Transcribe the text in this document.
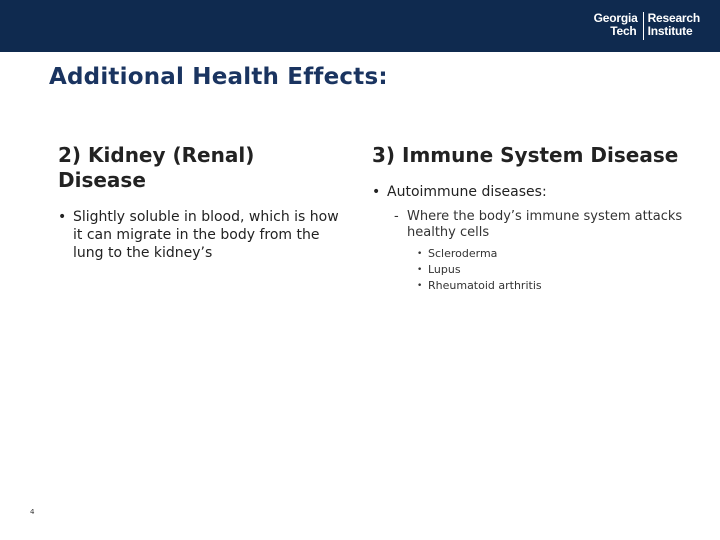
Georgia
Tech
Research
Institute
Additional Health Effects:
2) Kidney (Renal) Disease
• Slightly soluble in blood, which is how it can migrate in the body from the lung to the kidney’s
3) Immune System Disease
• Autoimmune diseases:
- Where the body’s immune system attacks healthy cells
• Scleroderma
• Lupus
• Rheumatoid arthritis
4
